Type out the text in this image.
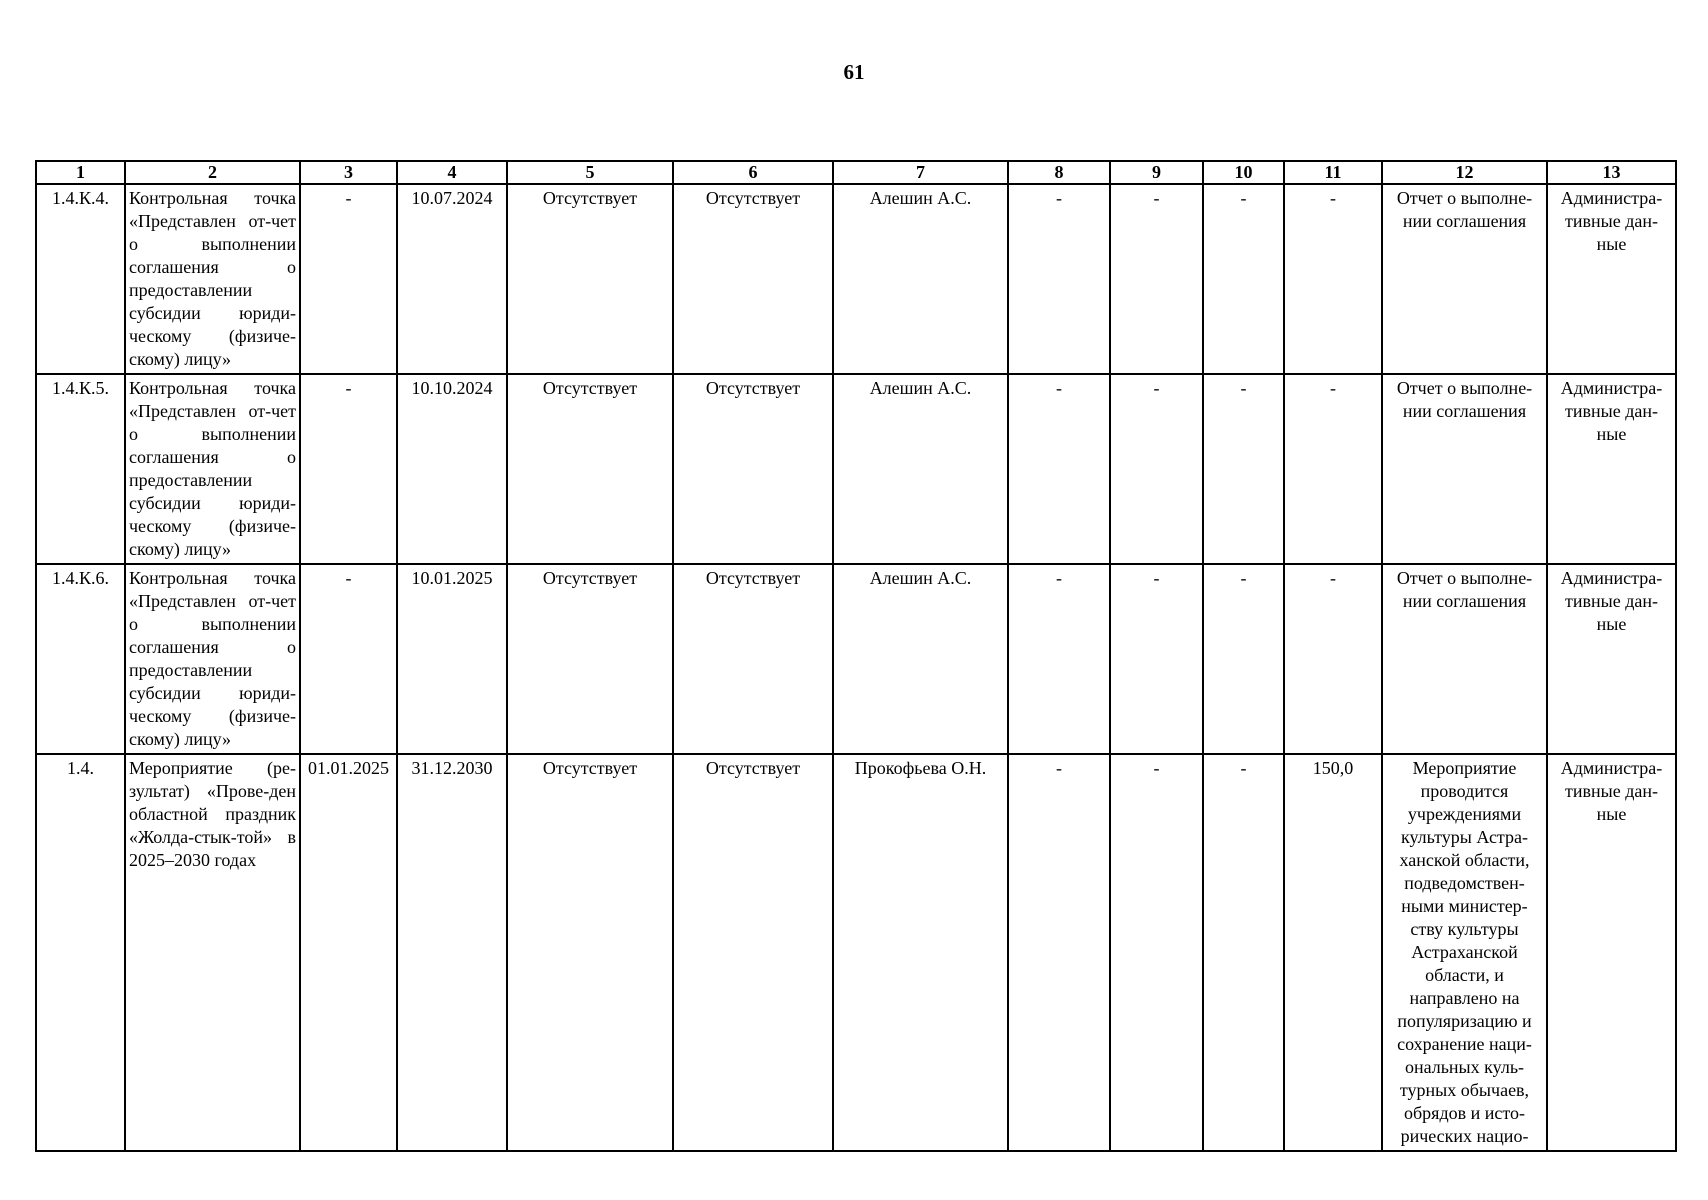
61
1	2	3	4	5	6	7	8	9	10	11	12	13
1.4.К.4.	Контрольная точка «Представлен от-чет о выполнении соглашения о предоставлении субсидии юриди-ческому (физиче-скому) лицу»	-	10.07.2024	Отсутствует	Отсутствует	Алешин А.С.	-	-	-	-	Отчет о выполне-нии соглашения	Администра-тивные дан-ные
1.4.К.5.	Контрольная точка «Представлен от-чет о выполнении соглашения о предоставлении субсидии юриди-ческому (физиче-скому) лицу»	-	10.10.2024	Отсутствует	Отсутствует	Алешин А.С.	-	-	-	-	Отчет о выполне-нии соглашения	Администра-тивные дан-ные
1.4.К.6.	Контрольная точка «Представлен от-чет о выполнении соглашения о предоставлении субсидии юриди-ческому (физиче-скому) лицу»	-	10.01.2025	Отсутствует	Отсутствует	Алешин А.С.	-	-	-	-	Отчет о выполне-нии соглашения	Администра-тивные дан-ные
1.4.	Мероприятие (ре-зультат) «Прове-ден областной праздник «Жолда-стык-той» в 2025–2030 годах	01.01.2025	31.12.2030	Отсутствует	Отсутствует	Прокофьева О.Н.	-	-	-	150,0	Мероприятие проводится учреждениями культуры Астра-ханской области, подведомствен-ными министер-ству культуры Астраханской области, и направлено на популяризацию и сохранение наци-ональных куль-турных обычаев, обрядов и исто-рических нацио-	Администра-тивные дан-ные
